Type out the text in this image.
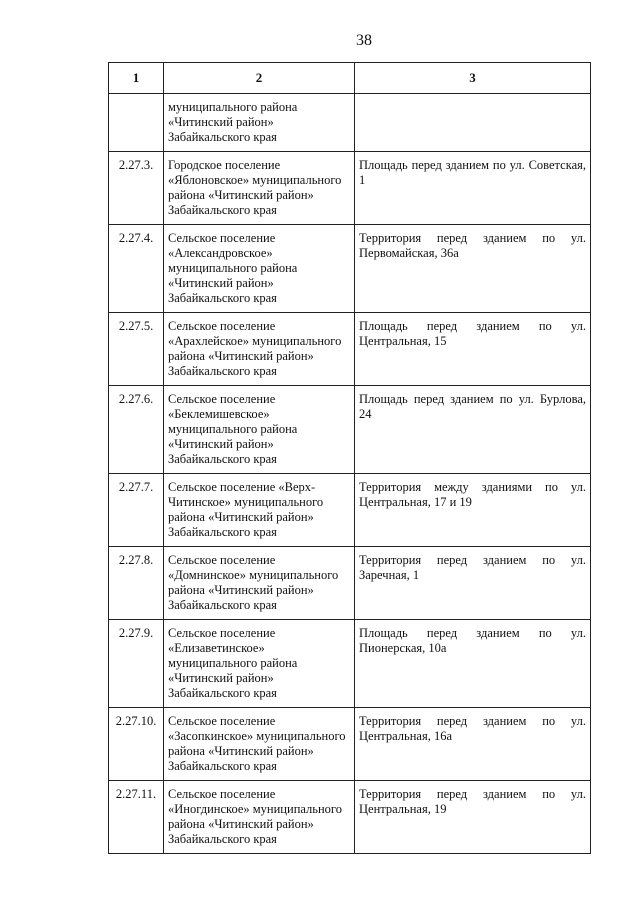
38
1	2	3
	муниципального района «Читинский район» Забайкальского края	
2.27.3.	Городское поселение «Яблоновское» муниципального района «Читинский район» Забайкальского края	Площадь перед зданием по ул. Советская, 1
2.27.4.	Сельское поселение «Александровское» муниципального района «Читинский район» Забайкальского края	Территория перед зданием по ул. Первомайская, 36а
2.27.5.	Сельское поселение «Арахлейское» муниципального района «Читинский район» Забайкальского края	Площадь перед зданием по ул. Центральная, 15
2.27.6.	Сельское поселение «Беклемишевское» муниципального района «Читинский район» Забайкальского края	Площадь перед зданием по ул. Бурлова, 24
2.27.7.	Сельское поселение «Верх-Читинское» муниципального района «Читинский район» Забайкальского края	Территория между зданиями по ул. Центральная, 17 и 19
2.27.8.	Сельское поселение «Домнинское» муниципального района «Читинский район» Забайкальского края	Территория перед зданием по ул. Заречная, 1
2.27.9.	Сельское поселение «Елизаветинское» муниципального района «Читинский район» Забайкальского края	Площадь перед зданием по ул. Пионерская, 10а
2.27.10.	Сельское поселение «Засопкинское» муниципального района «Читинский район» Забайкальского края	Территория перед зданием по ул. Центральная, 16а
2.27.11.	Сельское поселение «Иногдинское» муниципального района «Читинский район» Забайкальского края	Территория перед зданием по ул. Центральная, 19
